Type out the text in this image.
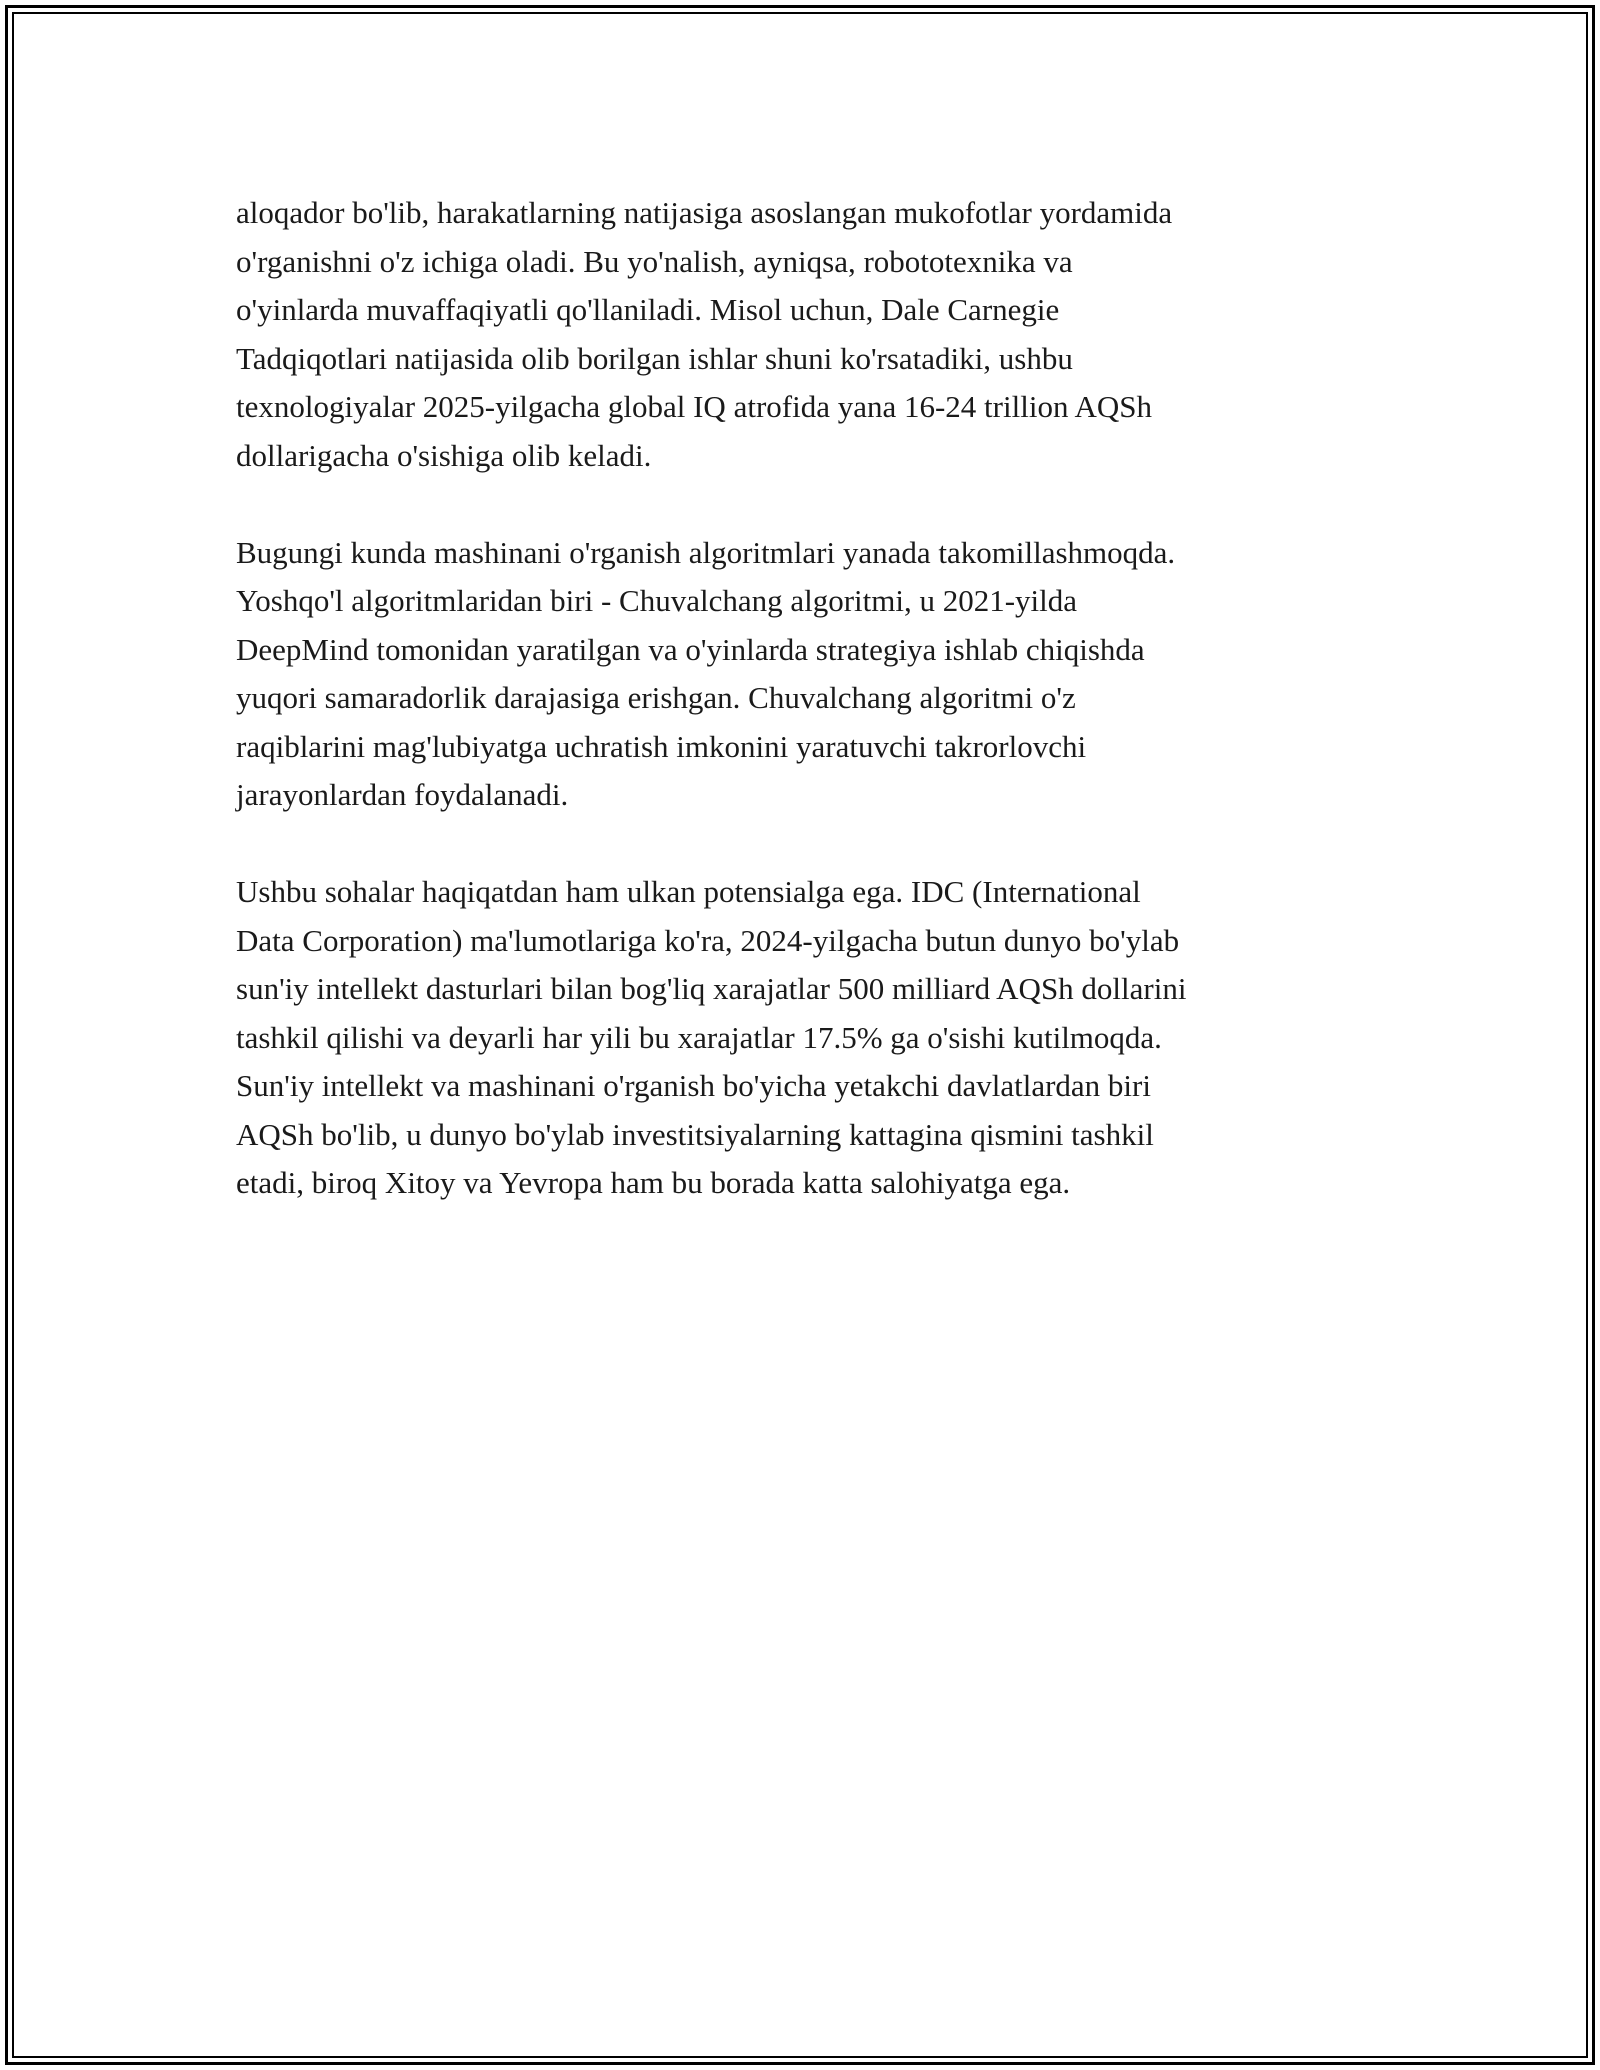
aloqador bo'lib, harakatlarning natijasiga asoslangan mukofotlar yordamida
o'rganishni o'z ichiga oladi. Bu yo'nalish, ayniqsa, robototexnika va
o'yinlarda muvaffaqiyatli qo'llaniladi. Misol uchun, Dale Carnegie
Tadqiqotlari natijasida olib borilgan ishlar shuni ko'rsatadiki, ushbu
texnologiyalar 2025-yilgacha global IQ atrofida yana 16-24 trillion AQSh
dollarigacha o'sishiga olib keladi.

Bugungi kunda mashinani o'rganish algoritmlari yanada takomillashmoqda.
Yoshqo'l algoritmlaridan biri - Chuvalchang algoritmi, u 2021-yilda
DeepMind tomonidan yaratilgan va o'yinlarda strategiya ishlab chiqishda
yuqori samaradorlik darajasiga erishgan. Chuvalchang algoritmi o'z
raqiblarini mag'lubiyatga uchratish imkonini yaratuvchi takrorlovchi
jarayonlardan foydalanadi.

Ushbu sohalar haqiqatdan ham ulkan potensialga ega. IDC (International
Data Corporation) ma'lumotlariga ko'ra, 2024-yilgacha butun dunyo bo'ylab
sun'iy intellekt dasturlari bilan bog'liq xarajatlar 500 milliard AQSh dollarini
tashkil qilishi va deyarli har yili bu xarajatlar 17.5% ga o'sishi kutilmoqda.
Sun'iy intellekt va mashinani o'rganish bo'yicha yetakchi davlatlardan biri
AQSh bo'lib, u dunyo bo'ylab investitsiyalarning kattagina qismini tashkil
etadi, biroq Xitoy va Yevropa ham bu borada katta salohiyatga ega.
